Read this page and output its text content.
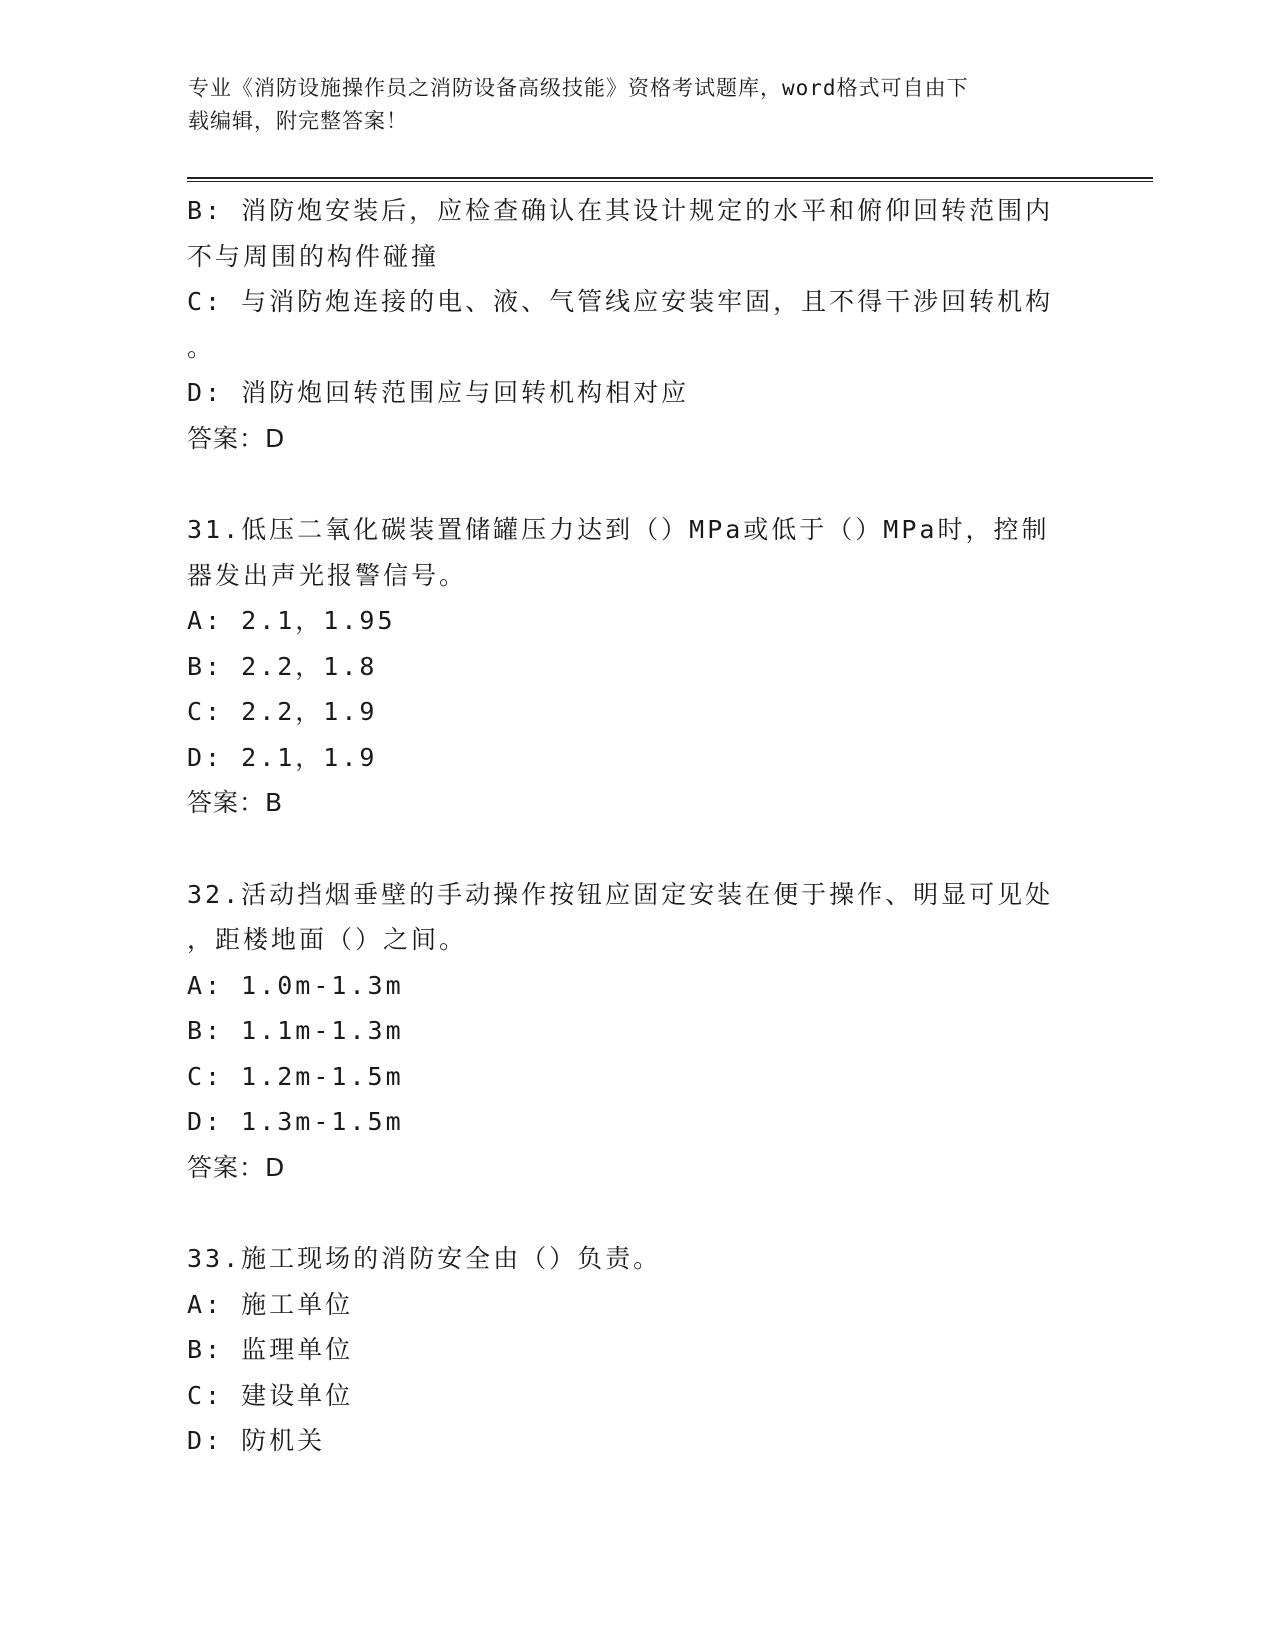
专业《消防设施操作员之消防设备高级技能》资格考试题库，word格式可自由下
载编辑，附完整答案！
B: 消防炮安装后，应检查确认在其设计规定的水平和俯仰回转范围内
不与周围的构件碰撞
C: 与消防炮连接的电、液、气管线应安装牢固，且不得干涉回转机构
。
D: 消防炮回转范围应与回转机构相对应
答案：D
31.低压二氧化碳装置储罐压力达到（）MPa或低于（）MPa时，控制
器发出声光报警信号。
A: 2.1，1.95
B: 2.2，1.8
C: 2.2，1.9
D: 2.1，1.9
答案：B
32.活动挡烟垂壁的手动操作按钮应固定安装在便于操作、明显可见处
，距楼地面（）之间。
A: 1.0m-1.3m
B: 1.1m-1.3m
C: 1.2m-1.5m
D: 1.3m-1.5m
答案：D
33.施工现场的消防安全由（）负责。
A: 施工单位
B: 监理单位
C: 建设单位
D: 防机关
